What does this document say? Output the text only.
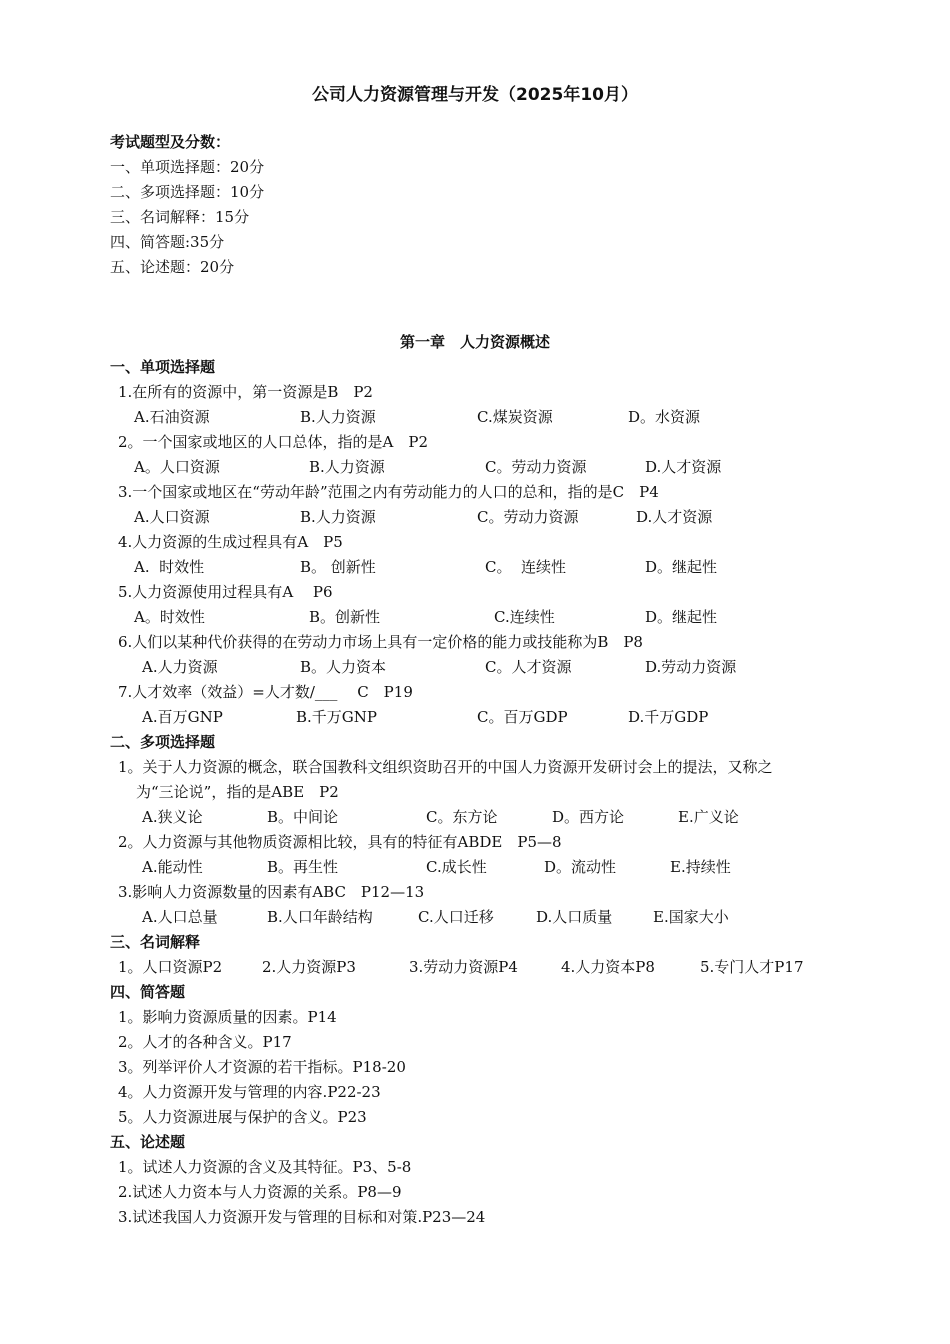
公司人力资源管理与开发（2025年10月）
考试题型及分数：
一、单项选择题：20分
二、多项选择题：10分
三、名词解释：15分
四、简答题:35分
五、论述题：20分
第一章　人力资源概述
一、单项选择题
1.在所有的资源中，第一资源是B　P2
A.石油资源	B.人力资源	C.煤炭资源	D。水资源
2。一个国家或地区的人口总体，指的是A　P2
A。人口资源	B.人力资源	C。劳动力资源	D.人才资源
3.一个国家或地区在“劳动年龄”范围之内有劳动能力的人口的总和，指的是C　P4
A.人口资源	B.人力资源	C。劳动力资源	D.人才资源
4.人力资源的生成过程具有A　P5
A.  时效性	B。 创新性	C。  连续性	D。继起性
5.人力资源使用过程具有A　 P6
A。时效性	B。创新性	C.连续性	D。继起性
6.人们以某种代价获得的在劳动力市场上具有一定价格的能力或技能称为B　P8
A.人力资源	B。人力资本	C。人才资源	D.劳动力资源
7.人才效率（效益）=人才数/___　 C　P19
A.百万GNP	B.千万GNP	C。百万GDP	D.千万GDP
二、多项选择题
1。关于人力资源的概念，联合国教科文组织资助召开的中国人力资源开发研讨会上的提法，又称之
为“三论说”，指的是ABE　P2
A.狭义论	B。中间论	C。东方论	D。西方论	E.广义论
2。人力资源与其他物质资源相比较，具有的特征有ABDE　P5—8
A.能动性	B。再生性	C.成长性	D。流动性	E.持续性
3.影响人力资源数量的因素有ABC　P12—13
A.人口总量	B.人口年龄结构	C.人口迁移	D.人口质量	E.国家大小
三、名词解释
1。人口资源P2	2.人力资源P3	3.劳动力资源P4	4.人力资本P8	5.专门人才P17
四、简答题
1。影响力资源质量的因素。P14
2。人才的各种含义。P17
3。列举评价人才资源的若干指标。P18-20
4。人力资源开发与管理的内容.P22-23
5。人力资源进展与保护的含义。P23
五、论述题
1。试述人力资源的含义及其特征。P3、5-8
2.试述人力资本与人力资源的关系。P8—9
3.试述我国人力资源开发与管理的目标和对策.P23—24
